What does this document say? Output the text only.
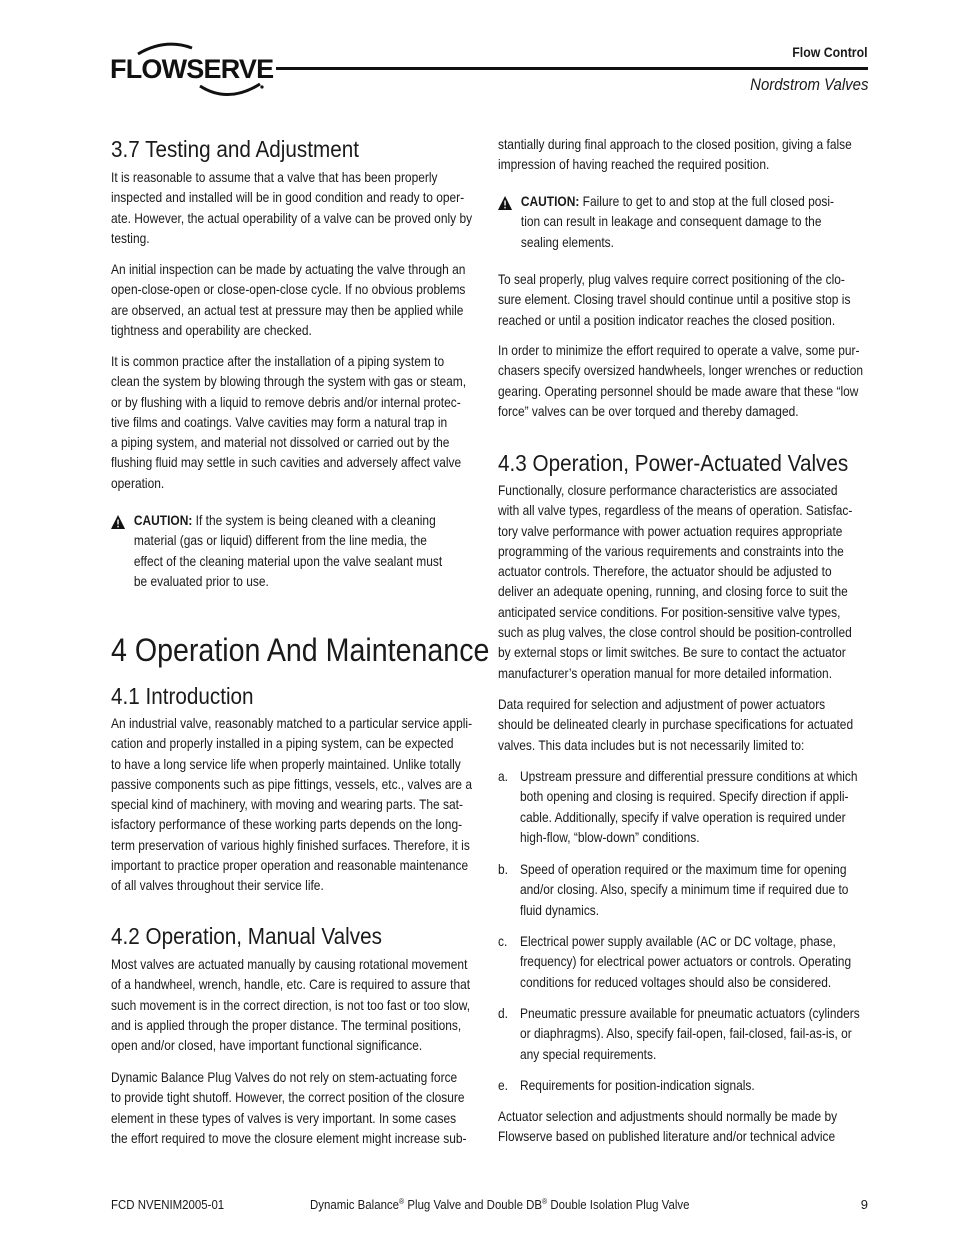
FLOWSERVE
Flow Control
Nordstrom Valves
3.7 Testing and Adjustment

It is reasonable to assume that a valve that has been properly
inspected and installed will be in good condition and ready to oper-
ate. However, the actual operability of a valve can be proved only by
testing.

An initial inspection can be made by actuating the valve through an
open-close-open or close-open-close cycle. If no obvious problems
are observed, an actual test at pressure may then be applied while
tightness and operability are checked.

It is common practice after the installation of a piping system to
clean the system by blowing through the system with gas or steam,
or by flushing with a liquid to remove debris and/or internal protec-
tive films and coatings. Valve cavities may form a natural trap in
a piping system, and material not dissolved or carried out by the
flushing fluid may settle in such cavities and adversely affect valve
operation.

CAUTION: If the system is being cleaned with a cleaning
material (gas or liquid) different from the line media, the
effect of the cleaning material upon the valve sealant must
be evaluated prior to use.

4 Operation And Maintenance
4.1 Introduction

An industrial valve, reasonably matched to a particular service appli-
cation and properly installed in a piping system, can be expected
to have a long service life when properly maintained. Unlike totally
passive components such as pipe fittings, vessels, etc., valves are a
special kind of machinery, with moving and wearing parts. The sat-
isfactory performance of these working parts depends on the long-
term preservation of various highly finished surfaces. Therefore, it is
important to practice proper operation and reasonable maintenance
of all valves throughout their service life.

4.2 Operation, Manual Valves

Most valves are actuated manually by causing rotational movement
of a handwheel, wrench, handle, etc. Care is required to assure that
such movement is in the correct direction, is not too fast or too slow,
and is applied through the proper distance. The terminal positions,
open and/or closed, have important functional significance.

Dynamic Balance Plug Valves do not rely on stem-actuating force
to provide tight shutoff. However, the correct position of the closure
element in these types of valves is very important. In some cases
the effort required to move the closure element might increase sub-

stantially during final approach to the closed position, giving a false
impression of having reached the required position.

CAUTION: Failure to get to and stop at the full closed posi-
tion can result in leakage and consequent damage to the
sealing elements.

To seal properly, plug valves require correct positioning of the clo-
sure element. Closing travel should continue until a positive stop is
reached or until a position indicator reaches the closed position.

In order to minimize the effort required to operate a valve, some pur-
chasers specify oversized handwheels, longer wrenches or reduction
gearing. Operating personnel should be made aware that these “low
force” valves can be over torqued and thereby damaged.

4.3 Operation, Power-Actuated Valves

Functionally, closure performance characteristics are associated
with all valve types, regardless of the means of operation. Satisfac-
tory valve performance with power actuation requires appropriate
programming of the various requirements and constraints into the
actuator controls. Therefore, the actuator should be adjusted to
deliver an adequate opening, running, and closing force to suit the
anticipated service conditions. For position-sensitive valve types,
such as plug valves, the close control should be position-controlled
by external stops or limit switches. Be sure to contact the actuator
manufacturer’s operation manual for more detailed information.

Data required for selection and adjustment of power actuators
should be delineated clearly in purchase specifications for actuated
valves. This data includes but is not necessarily limited to:

a. Upstream pressure and differential pressure conditions at which
both opening and closing is required. Specify direction if appli-
cable. Additionally, specify if valve operation is required under
high-flow, “blow-down” conditions.

b. Speed of operation required or the maximum time for opening
and/or closing. Also, specify a minimum time if required due to
fluid dynamics.

c. Electrical power supply available (AC or DC voltage, phase,
frequency) for electrical power actuators or controls. Operating
conditions for reduced voltages should also be considered.

d. Pneumatic pressure available for pneumatic actuators (cylinders
or diaphragms). Also, specify fail-open, fail-closed, fail-as-is, or
any special requirements.

e. Requirements for position-indication signals.

Actuator selection and adjustments should normally be made by
Flowserve based on published literature and/or technical advice

FCD NVENIM2005-01	Dynamic Balance® Plug Valve and Double DB® Double Isolation Plug Valve	9
